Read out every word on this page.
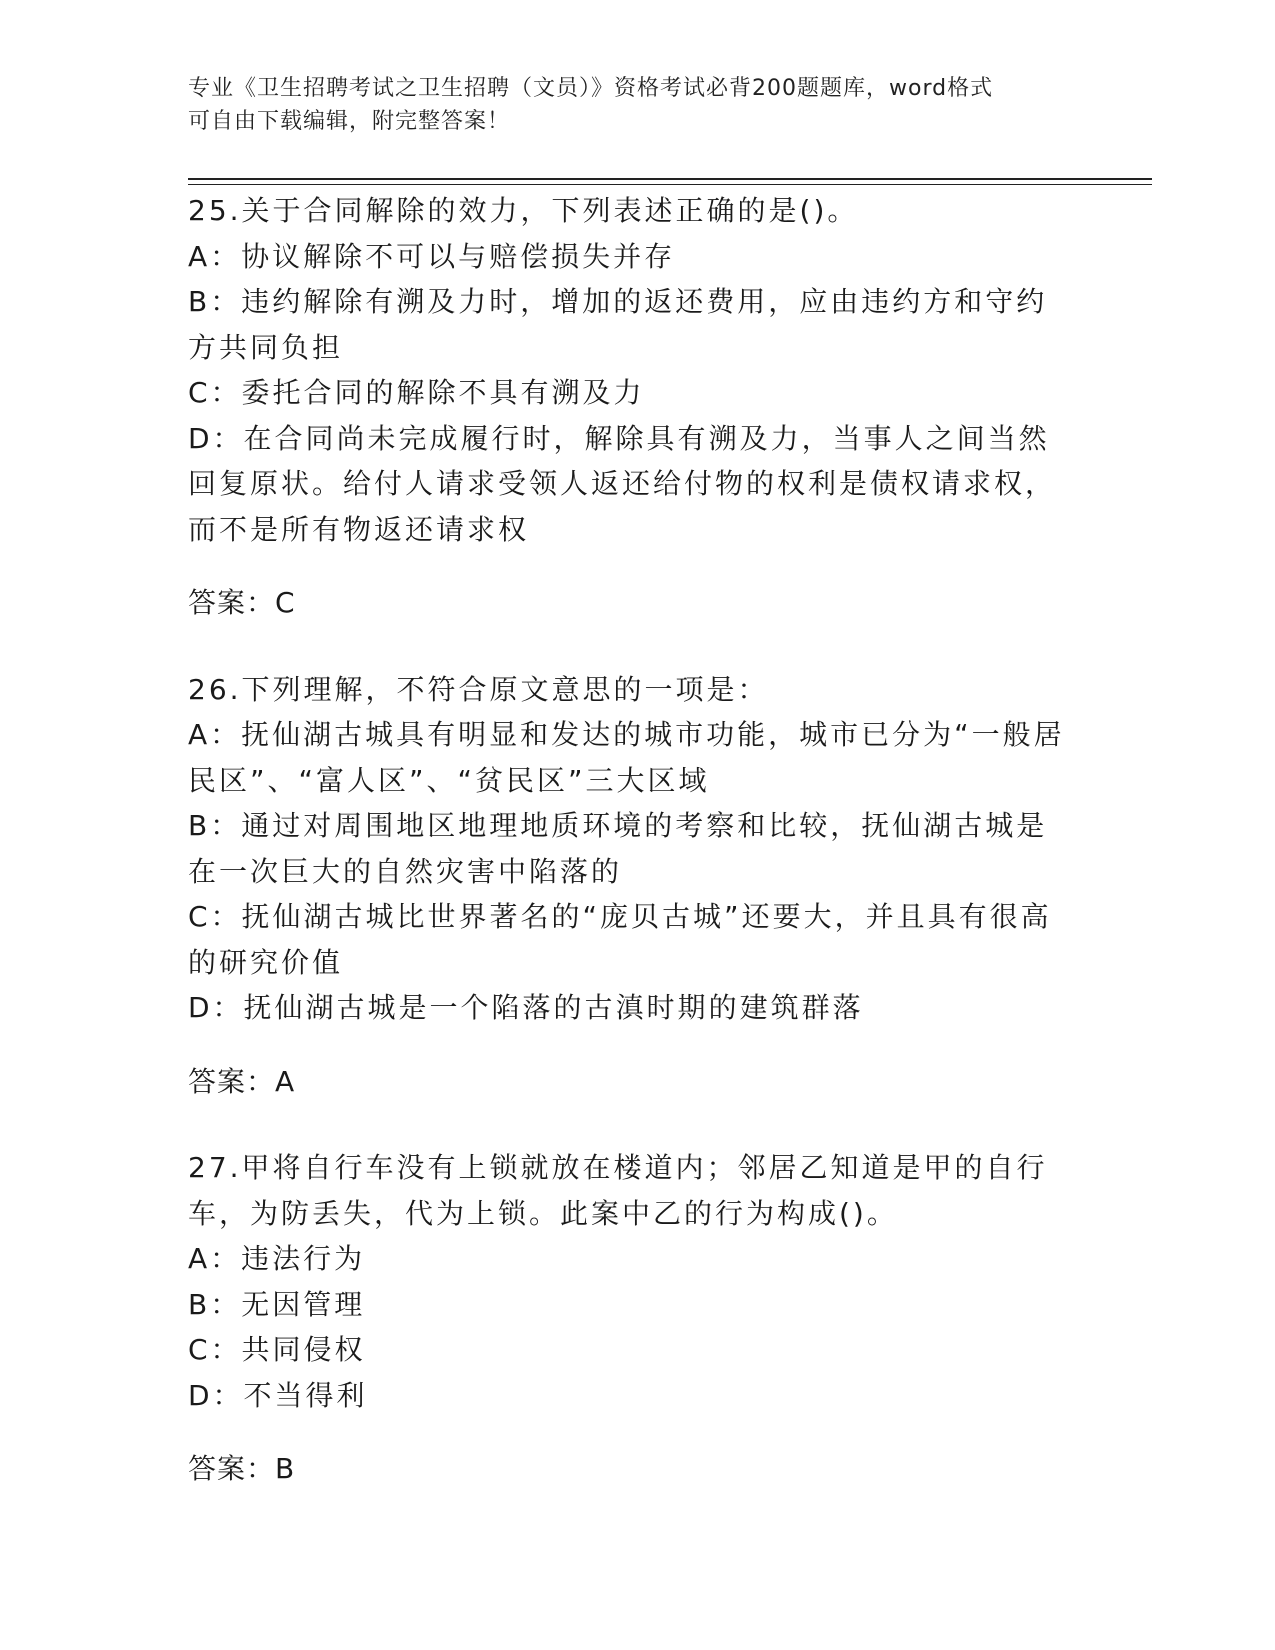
专业《卫生招聘考试之卫生招聘（文员）》资格考试必背200题题库，word格式
可自由下载编辑，附完整答案！

25.关于合同解除的效力，下列表述正确的是()。

A：协议解除不可以与赔偿损失并存

B：违约解除有溯及力时，增加的返还费用，应由违约方和守约方共同负担

C：委托合同的解除不具有溯及力

D：在合同尚未完成履行时，解除具有溯及力，当事人之间当然回复原状。给付人请求受领人返还给付物的权利是债权请求权，而不是所有物返还请求权

答案：C

26.下列理解，不符合原文意思的一项是：

A：抚仙湖古城具有明显和发达的城市功能，城市已分为“一般居民区”、“富人区”、“贫民区”三大区域

B：通过对周围地区地理地质环境的考察和比较，抚仙湖古城是在一次巨大的自然灾害中陷落的

C：抚仙湖古城比世界著名的“庞贝古城”还要大，并且具有很高的研究价值

D：抚仙湖古城是一个陷落的古滇时期的建筑群落

答案：A

27.甲将自行车没有上锁就放在楼道内；邻居乙知道是甲的自行车，为防丢失，代为上锁。此案中乙的行为构成()。

A：违法行为

B：无因管理

C：共同侵权

D：不当得利

答案：B
